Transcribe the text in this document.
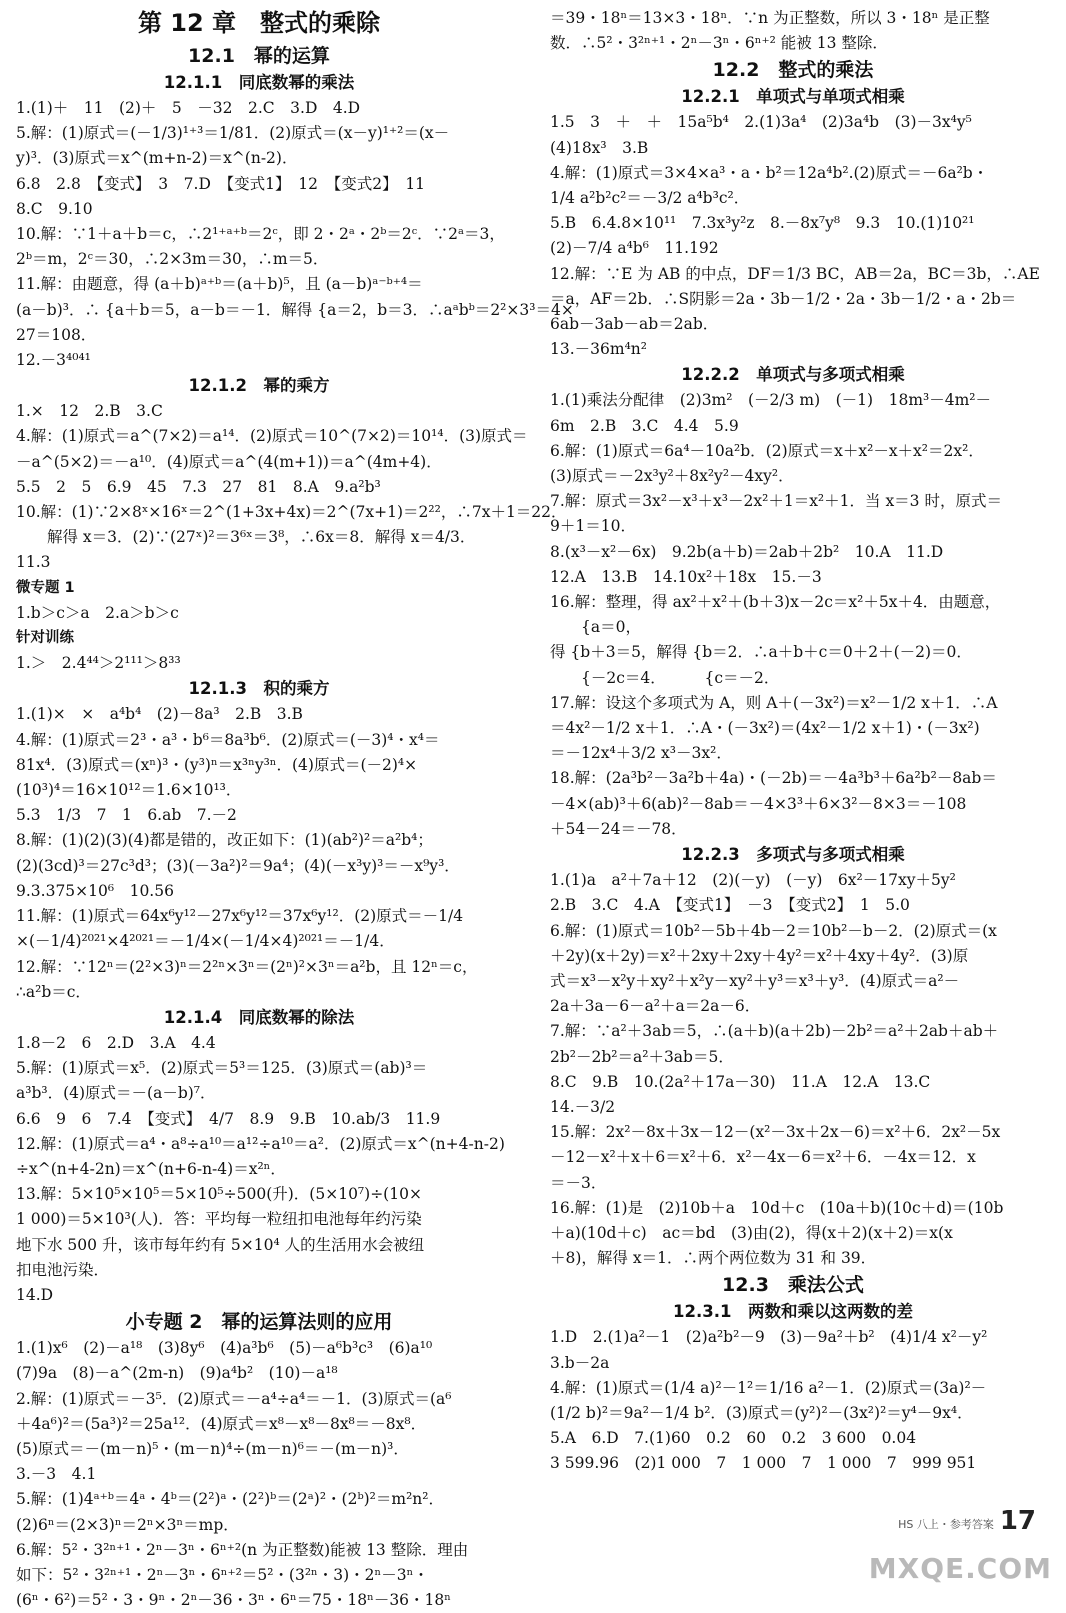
第 12 章　整式的乘除
12.1　幂的运算
12.1.1　同底数幂的乘法
1.(1)＋　11　(2)＋　5　－32　2.C　3.D　4.D
5.解：(1)原式＝(－1/3)¹⁺³＝1/81．(2)原式＝(x－y)¹⁺²＝(x－
y)³．(3)原式＝x^(m+n-2)＝x^(n-2)．
6.8　2.8　【变式】　3　7.D　【变式1】　12　【变式2】　11
8.C　9.10
10.解：∵1＋a＋b＝c，∴2¹⁺ᵃ⁺ᵇ＝2ᶜ，即 2・2ᵃ・2ᵇ＝2ᶜ．∵2ᵃ＝3，
2ᵇ＝m，2ᶜ＝30，∴2×3m＝30，∴m＝5．
11.解：由题意，得 (a＋b)ᵃ⁺ᵇ＝(a＋b)⁵，且 (a－b)ᵃ⁻ᵇ⁺⁴＝
(a－b)³．∴ {a＋b＝5，a－b＝－1．解得 {a＝2，b＝3．∴aᵃbᵇ＝2²×3³＝4×
27＝108．
12.－3⁴⁰⁴¹
12.1.2　幂的乘方
1.×　12　2.B　3.C
4.解：(1)原式＝a^(7×2)＝a¹⁴．(2)原式＝10^(7×2)＝10¹⁴．(3)原式＝
－a^(5×2)＝－a¹⁰．(4)原式＝a^(4(m+1))＝a^(4m+4)．
5.5　2　5　6.9　45　7.3　27　81　8.A　9.a²b³
10.解：(1)∵2×8ˣ×16ˣ＝2^(1+3x+4x)＝2^(7x+1)＝2²²，∴7x＋1＝22．
　　解得 x＝3．(2)∵(27ˣ)²＝3⁶ˣ＝3⁸，∴6x＝8．解得 x＝4/3．
11.3
微专题 1
1.b＞c＞a　2.a＞b＞c
针对训练
1.＞　2.4⁴⁴＞2¹¹¹＞8³³
12.1.3　积的乘方
1.(1)×　×　a⁴b⁴　(2)－8a³　2.B　3.B
4.解：(1)原式＝2³・a³・b⁶＝8a³b⁶．(2)原式＝(－3)⁴・x⁴＝
81x⁴．(3)原式＝(xⁿ)³・(y³)ⁿ＝x³ⁿy³ⁿ．(4)原式＝(－2)⁴×
(10³)⁴＝16×10¹²＝1.6×10¹³．
5.3　1/3　7　1　6.ab　7.－2
8.解：(1)(2)(3)(4)都是错的，改正如下：(1)(ab²)²＝a²b⁴；
(2)(3cd)³＝27c³d³；(3)(－3a²)²＝9a⁴；(4)(－x³y)³＝－x⁹y³．
9.3.375×10⁶　10.56
11.解：(1)原式＝64x⁶y¹²－27x⁶y¹²＝37x⁶y¹²．(2)原式＝－1/4
×(－1/4)²⁰²¹×4²⁰²¹＝－1/4×(－1/4×4)²⁰²¹＝－1/4．
12.解：∵12ⁿ＝(2²×3)ⁿ＝2²ⁿ×3ⁿ＝(2ⁿ)²×3ⁿ＝a²b，且 12ⁿ＝c，
∴a²b＝c．
12.1.4　同底数幂的除法
1.8－2　6　2.D　3.A　4.4
5.解：(1)原式＝x⁵．(2)原式＝5³＝125．(3)原式＝(ab)³＝
a³b³．(4)原式＝－(a－b)⁷．
6.6　9　6　7.4　【变式】　4/7　8.9　9.B　10.ab/3　11.9
12.解：(1)原式＝a⁴・a⁸÷a¹⁰＝a¹²÷a¹⁰＝a²．(2)原式＝x^(n+4-n-2)
÷x^(n+4-2n)＝x^(n+6-n-4)＝x²ⁿ．
13.解：5×10⁵×10⁵＝5×10⁵÷500(升)．(5×10⁷)÷(10×
1 000)＝5×10³(人)．答：平均每一粒纽扣电池每年约污染
地下水 500 升，该市每年约有 5×10⁴ 人的生活用水会被纽
扣电池污染．
14.D
小专题 2　幂的运算法则的应用
1.(1)x⁶　(2)－a¹⁸　(3)8y⁶　(4)a³b⁶　(5)－a⁶b³c³　(6)a¹⁰
(7)9a　(8)－a^(2m-n)　(9)a⁴b²　(10)－a¹⁸
2.解：(1)原式＝－3⁵．(2)原式＝－a⁴÷a⁴＝－1．(3)原式＝(a⁶
＋4a⁶)²＝(5a³)²＝25a¹²．(4)原式＝x⁸－x⁸－8x⁸＝－8x⁸．
(5)原式＝－(m－n)⁵・(m－n)⁴÷(m－n)⁶＝－(m－n)³．
3.－3　4.1
5.解：(1)4ᵃ⁺ᵇ＝4ᵃ・4ᵇ＝(2²)ᵃ・(2²)ᵇ＝(2ᵃ)²・(2ᵇ)²＝m²n²．
(2)6ⁿ＝(2×3)ⁿ＝2ⁿ×3ⁿ＝mp．
6.解：5²・3²ⁿ⁺¹・2ⁿ－3ⁿ・6ⁿ⁺²(n 为正整数)能被 13 整除．理由
如下：5²・3²ⁿ⁺¹・2ⁿ－3ⁿ・6ⁿ⁺²＝5²・(3²ⁿ・3)・2ⁿ－3ⁿ・
(6ⁿ・6²)＝5²・3・9ⁿ・2ⁿ－36・3ⁿ・6ⁿ＝75・18ⁿ－36・18ⁿ
＝39・18ⁿ＝13×3・18ⁿ．∵n 为正整数，所以 3・18ⁿ 是正整
数．∴5²・3²ⁿ⁺¹・2ⁿ－3ⁿ・6ⁿ⁺² 能被 13 整除．
12.2　整式的乘法
12.2.1　单项式与单项式相乘
1.5　3　＋　＋　15a⁵b⁴　2.(1)3a⁴　(2)3a⁴b　(3)－3x⁴y⁵
(4)18x³　3.B
4.解：(1)原式＝3×4×a³・a・b²＝12a⁴b².(2)原式＝－6a²b・
1/4 a²b²c²＝－3/2 a⁴b³c²．
5.B　6.4.8×10¹¹　7.3x³y²z　8.－8x⁷y⁸　9.3　10.(1)10²¹
(2)－7/4 a⁴b⁶　11.192
12.解：∵E 为 AB 的中点，DF＝1/3 BC，AB＝2a，BC＝3b，∴AE
＝a，AF＝2b．∴S阴影＝2a・3b－1/2・2a・3b－1/2・a・2b＝
6ab－3ab－ab＝2ab．
13.－36m⁴n²
12.2.2　单项式与多项式相乘
1.(1)乘法分配律　(2)3m²　(－2/3 m)　(－1)　18m³－4m²－
6m　2.B　3.C　4.4　5.9
6.解：(1)原式＝6a⁴－10a²b．(2)原式＝x＋x²－x＋x²＝2x²．
(3)原式＝－2x³y²＋8x²y²－4xy²．
7.解：原式＝3x²－x³＋x³－2x²＋1＝x²＋1．当 x＝3 时，原式＝
9＋1＝10．
8.(x³－x²－6x)　9.2b(a＋b)＝2ab＋2b²　10.A　11.D
12.A　13.B　14.10x²＋18x　15.－3
16.解：整理，得 ax²＋x²＋(b＋3)x－2c＝x²＋5x＋4．由题意，
　　{a＝0，
得 {b＋3＝5，解得 {b＝2．∴a＋b＋c＝0＋2＋(－2)＝0．
　　{－2c＝4．　　　{c＝－2．
17.解：设这个多项式为 A，则 A＋(－3x²)＝x²－1/2 x＋1．∴A
＝4x²－1/2 x＋1．∴A・(－3x²)＝(4x²－1/2 x＋1)・(－3x²)
＝－12x⁴＋3/2 x³－3x²．
18.解：(2a³b²－3a²b＋4a)・(－2b)＝－4a³b³＋6a²b²－8ab＝
－4×(ab)³＋6(ab)²－8ab＝－4×3³＋6×3²－8×3＝－108
＋54－24＝－78．
12.2.3　多项式与多项式相乘
1.(1)a　a²＋7a＋12　(2)(－y)　(－y)　6x²－17xy＋5y²
2.B　3.C　4.A　【变式1】　－3　【变式2】　1　5.0
6.解：(1)原式＝10b²－5b＋4b－2＝10b²－b－2．(2)原式＝(x
＋2y)(x＋2y)＝x²＋2xy＋2xy＋4y²＝x²＋4xy＋4y²．(3)原
式＝x³－x²y＋xy²＋x²y－xy²＋y³＝x³＋y³．(4)原式＝a²－
2a＋3a－6－a²＋a＝2a－6．
7.解：∵a²＋3ab＝5，∴(a＋b)(a＋2b)－2b²＝a²＋2ab＋ab＋
2b²－2b²＝a²＋3ab＝5．
8.C　9.B　10.(2a²＋17a－30)　11.A　12.A　13.C
14.－3/2
15.解：2x²－8x＋3x－12－(x²－3x＋2x－6)＝x²＋6．2x²－5x
－12－x²＋x＋6＝x²＋6．x²－4x－6＝x²＋6．－4x＝12．x
＝－3．
16.解：(1)是　(2)10b＋a　10d＋c　(10a＋b)(10c＋d)＝(10b
＋a)(10d＋c)　ac＝bd　(3)由(2)，得(x＋2)(x＋2)＝x(x
＋8)，解得 x＝1．∴两个两位数为 31 和 39．
12.3　乘法公式
12.3.1　两数和乘以这两数的差
1.D　2.(1)a²－1　(2)a²b²－9　(3)－9a²＋b²　(4)1/4 x²－y²
3.b－2a
4.解：(1)原式＝(1/4 a)²－1²＝1/16 a²－1．(2)原式＝(3a)²－
(1/2 b)²＝9a²－1/4 b²．(3)原式＝(y²)²－(3x²)²＝y⁴－9x⁴．
5.A　6.D　7.(1)60　0.2　60　0.2　3 600　0.04
3 599.96　(2)1 000　7　1 000　7　1 000　7　999 951
HS 八上・参考答案 17
MXQE.COM
